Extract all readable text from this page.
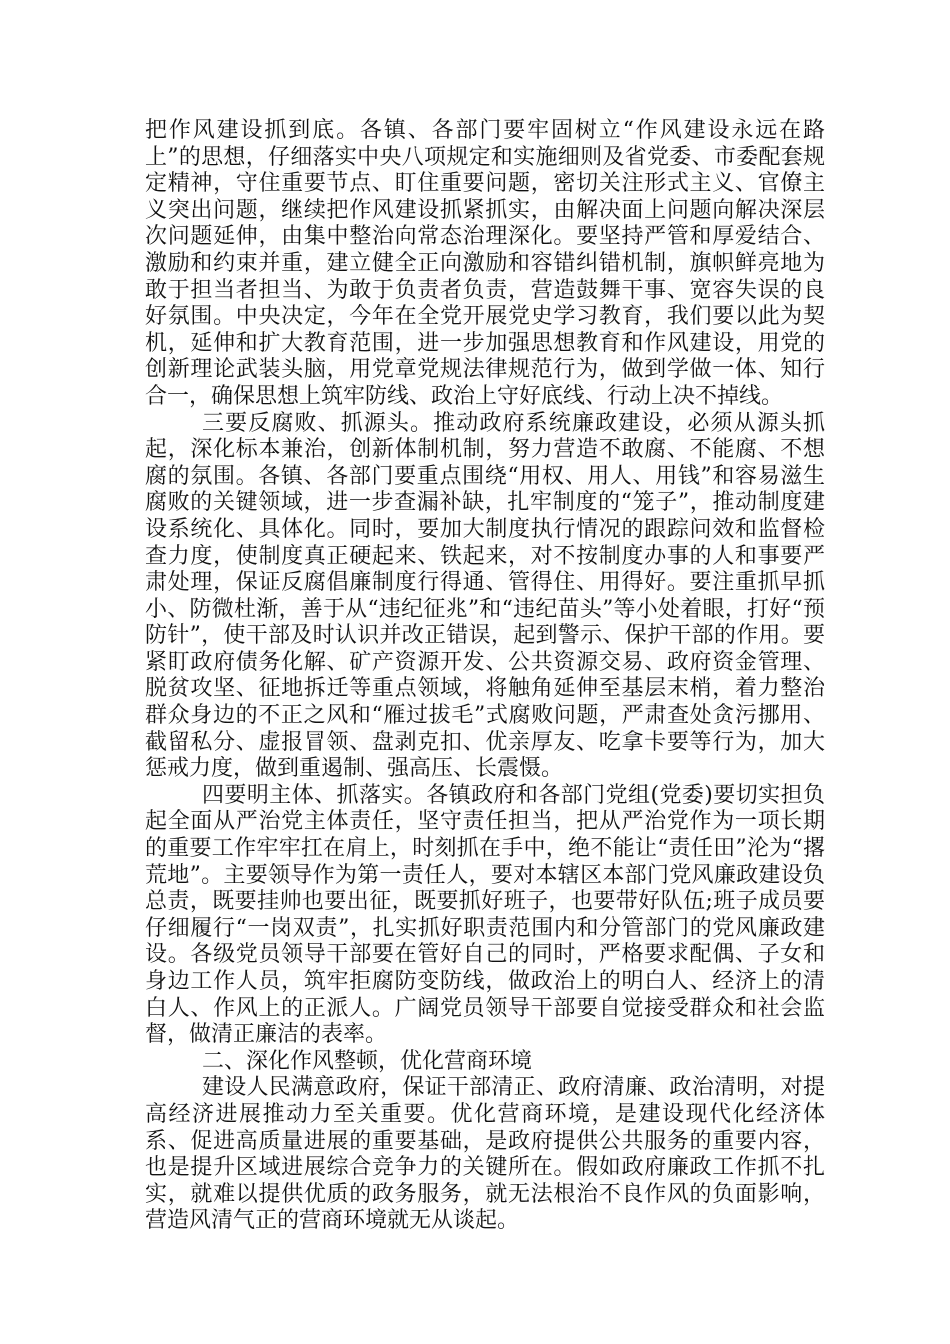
把作风建设抓到底。各镇、各部门要牢固树立“作风建设永远在路上”的思想，仔细落实中央八项规定和实施细则及省党委、市委配套规定精神，守住重要节点、盯住重要问题，密切关注形式主义、官僚主义突出问题，继续把作风建设抓紧抓实，由解决面上问题向解决深层次问题延伸，由集中整治向常态治理深化。要坚持严管和厚爱结合、激励和约束并重，建立健全正向激励和容错纠错机制，旗帜鲜亮地为敢于担当者担当、为敢于负责者负责，营造鼓舞干事、宽容失误的良好氛围。中央决定，今年在全党开展党史学习教育，我们要以此为契机，延伸和扩大教育范围，进一步加强思想教育和作风建设，用党的创新理论武装头脑，用党章党规法律规范行为，做到学做一体、知行合一，确保思想上筑牢防线、政治上守好底线、行动上决不掉线。

三要反腐败、抓源头。推动政府系统廉政建设，必须从源头抓起，深化标本兼治，创新体制机制，努力营造不敢腐、不能腐、不想腐的氛围。各镇、各部门要重点围绕“用权、用人、用钱”和容易滋生腐败的关键领域，进一步查漏补缺，扎牢制度的“笼子”，推动制度建设系统化、具体化。同时，要加大制度执行情况的跟踪问效和监督检查力度，使制度真正硬起来、铁起来，对不按制度办事的人和事要严肃处理，保证反腐倡廉制度行得通、管得住、用得好。要注重抓早抓小、防微杜渐，善于从“违纪征兆”和“违纪苗头”等小处着眼，打好“预防针”，使干部及时认识并改正错误，起到警示、保护干部的作用。要紧盯政府债务化解、矿产资源开发、公共资源交易、政府资金管理、脱贫攻坚、征地拆迁等重点领域，将触角延伸至基层末梢，着力整治群众身边的不正之风和“雁过拔毛”式腐败问题，严肃查处贪污挪用、截留私分、虚报冒领、盘剥克扣、优亲厚友、吃拿卡要等行为，加大惩戒力度，做到重遏制、强高压、长震慑。

四要明主体、抓落实。各镇政府和各部门党组(党委)要切实担负起全面从严治党主体责任，坚守责任担当，把从严治党作为一项长期的重要工作牢牢扛在肩上，时刻抓在手中，绝不能让“责任田”沦为“撂荒地”。主要领导作为第一责任人，要对本辖区本部门党风廉政建设负总责，既要挂帅也要出征，既要抓好班子，也要带好队伍;班子成员要仔细履行“一岗双责”，扎实抓好职责范围内和分管部门的党风廉政建设。各级党员领导干部要在管好自己的同时，严格要求配偶、子女和身边工作人员，筑牢拒腐防变防线，做政治上的明白人、经济上的清白人、作风上的正派人。广阔党员领导干部要自觉接受群众和社会监督，做清正廉洁的表率。

二、深化作风整顿，优化营商环境

建设人民满意政府，保证干部清正、政府清廉、政治清明，对提高经济进展推动力至关重要。优化营商环境，是建设现代化经济体系、促进高质量进展的重要基础，是政府提供公共服务的重要内容，也是提升区域进展综合竞争力的关键所在。假如政府廉政工作抓不扎实，就难以提供优质的政务服务，就无法根治不良作风的负面影响，营造风清气正的营商环境就无从谈起。
